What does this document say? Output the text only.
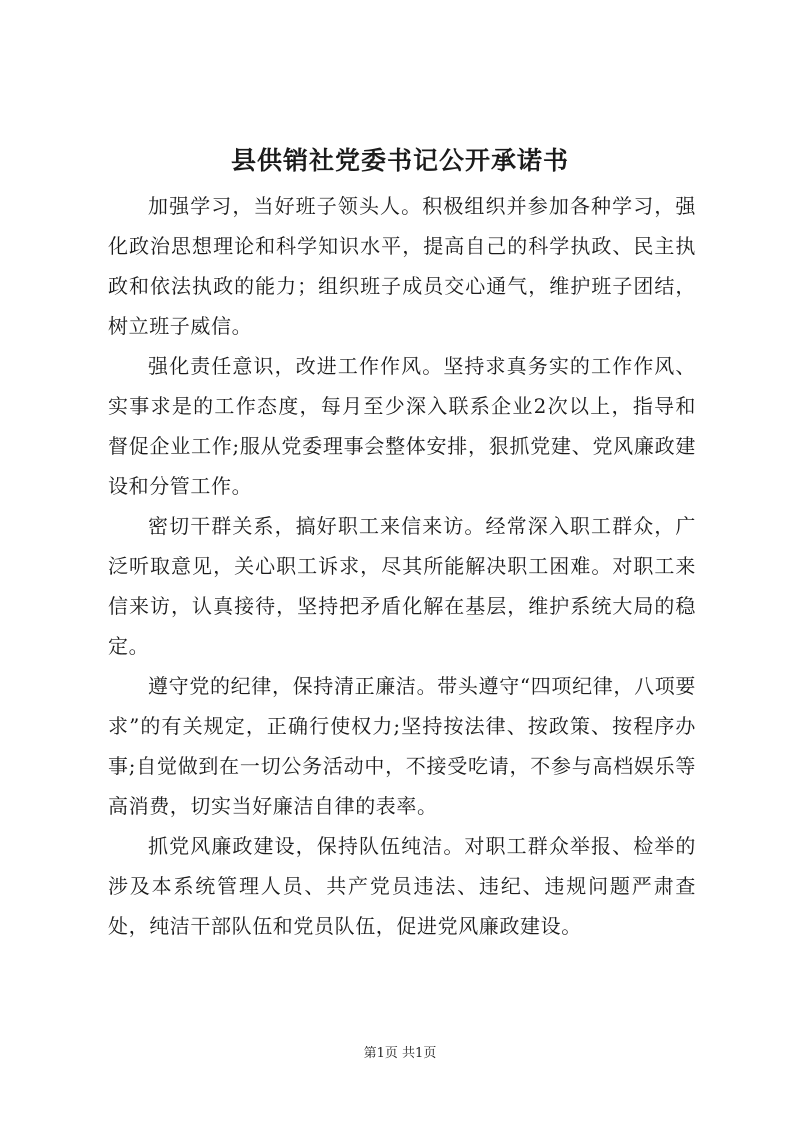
县供销社党委书记公开承诺书

加强学习，当好班子领头人。积极组织并参加各种学习，强化政治思想理论和科学知识水平，提高自己的科学执政、民主执政和依法执政的能力；组织班子成员交心通气，维护班子团结，树立班子威信。

强化责任意识，改进工作作风。坚持求真务实的工作作风、实事求是的工作态度，每月至少深入联系企业2次以上，指导和督促企业工作;服从党委理事会整体安排，狠抓党建、党风廉政建设和分管工作。

密切干群关系，搞好职工来信来访。经常深入职工群众，广泛听取意见，关心职工诉求，尽其所能解决职工困难。对职工来信来访，认真接待，坚持把矛盾化解在基层，维护系统大局的稳定。

遵守党的纪律，保持清正廉洁。带头遵守“四项纪律，八项要求”的有关规定，正确行使权力;坚持按法律、按政策、按程序办事;自觉做到在一切公务活动中，不接受吃请，不参与高档娱乐等高消费，切实当好廉洁自律的表率。

抓党风廉政建设，保持队伍纯洁。对职工群众举报、检举的涉及本系统管理人员、共产党员违法、违纪、违规问题严肃查处，纯洁干部队伍和党员队伍，促进党风廉政建设。

第1页 共1页
